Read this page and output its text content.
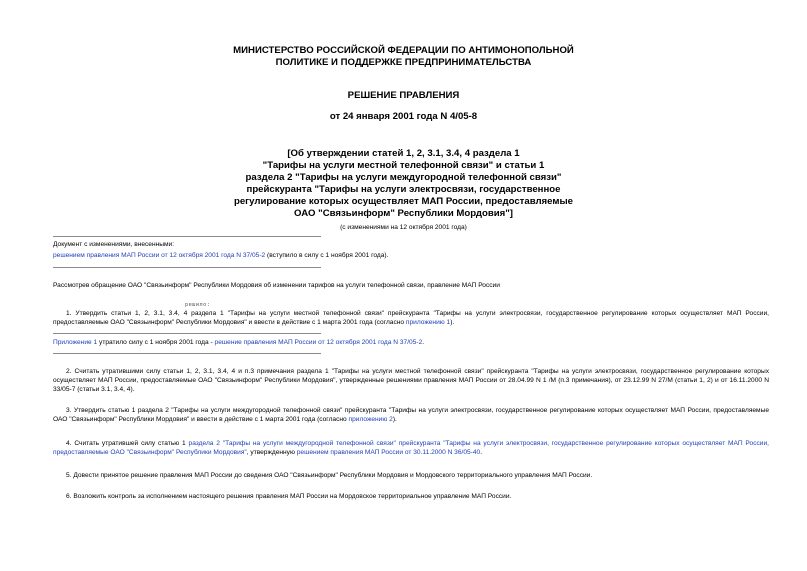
МИНИСТЕРСТВО РОССИЙСКОЙ ФЕДЕРАЦИИ ПО АНТИМОНОПОЛЬНОЙ
ПОЛИТИКЕ И ПОДДЕРЖКЕ ПРЕДПРИНИМАТЕЛЬСТВА
РЕШЕНИЕ ПРАВЛЕНИЯ
от 24 января 2001 года N 4/05-8
[Об утверждении статей 1, 2, 3.1, 3.4, 4 раздела 1
"Тарифы на услуги местной телефонной связи" и статьи 1
раздела 2 "Тарифы на услуги междугородной телефонной связи"
прейскуранта "Тарифы на услуги электросвязи, государственное
регулирование которых осуществляет МАП России, предоставляемые
ОАО "Связьинформ" Республики Мордовия"]
(с изменениями на 12 октября 2001 года)
Документ с изменениями, внесенными:
решением правления МАП России от 12 октября 2001 года N 37/05-2 (вступило в силу с 1 ноября 2001 года).
Рассмотрев обращение ОАО "Связьинформ" Республики Мордовия об изменении тарифов на услуги телефонной связи, правление МАП России
решило:
1. Утвердить статьи 1, 2, 3.1, 3.4, 4 раздела 1 "Тарифы на услуги местной телефонной связи" прейскуранта "Тарифы на услуги электросвязи, государственное регулирование которых осуществляет МАП России, предоставляемые ОАО "Связьинформ" Республики Мордовия" и ввести в действие с 1 марта 2001 года (согласно приложению 1).
Приложение 1 утратило силу с 1 ноября 2001 года - решение правления МАП России от 12 октября 2001 года N 37/05-2.
2. Считать утратившими силу статьи 1, 2, 3.1, 3.4, 4 и п.3 примечания раздела 1 "Тарифы на услуги местной телефонной связи" прейскуранта "Тарифы на услуги электросвязи, государственное регулирование которых осуществляет МАП России, предоставляемые ОАО "Связьинформ" Республики Мордовия", утвержденные решениями правления МАП России от 28.04.99 N 1 /М (п.3 примечания), от 23.12.99 N 27/М (статьи 1, 2) и от 16.11.2000 N 33/05-7 (статьи 3.1, 3.4, 4).
3. Утвердить статью 1 раздела 2 "Тарифы на услуги междугородной телефонной связи" прейскуранта "Тарифы на услуги электросвязи, государственное регулирование которых осуществляет МАП России, предоставляемые ОАО "Связьинформ" Республики Мордовия" и ввести в действие с 1 марта 2001 года (согласно приложению 2).
4. Считать утратившей силу статью 1 раздела 2 "Тарифы на услуги междугородной телефонной связи" прейскуранта "Тарифы на услуги электросвязи, государственное регулирование которых осуществляет МАП России, предоставляемые ОАО "Связьинформ" Республики Мордовия", утвержденную решением правления МАП России от 30.11.2000 N 36/05-40.
5. Довести принятое решение правления МАП России до сведения ОАО "Связьинформ" Республики Мордовия и Мордовского территориального управления МАП России.
6. Возложить контроль за исполнением настоящего решения правления МАП России на Мордовское территориальное управление МАП России.
